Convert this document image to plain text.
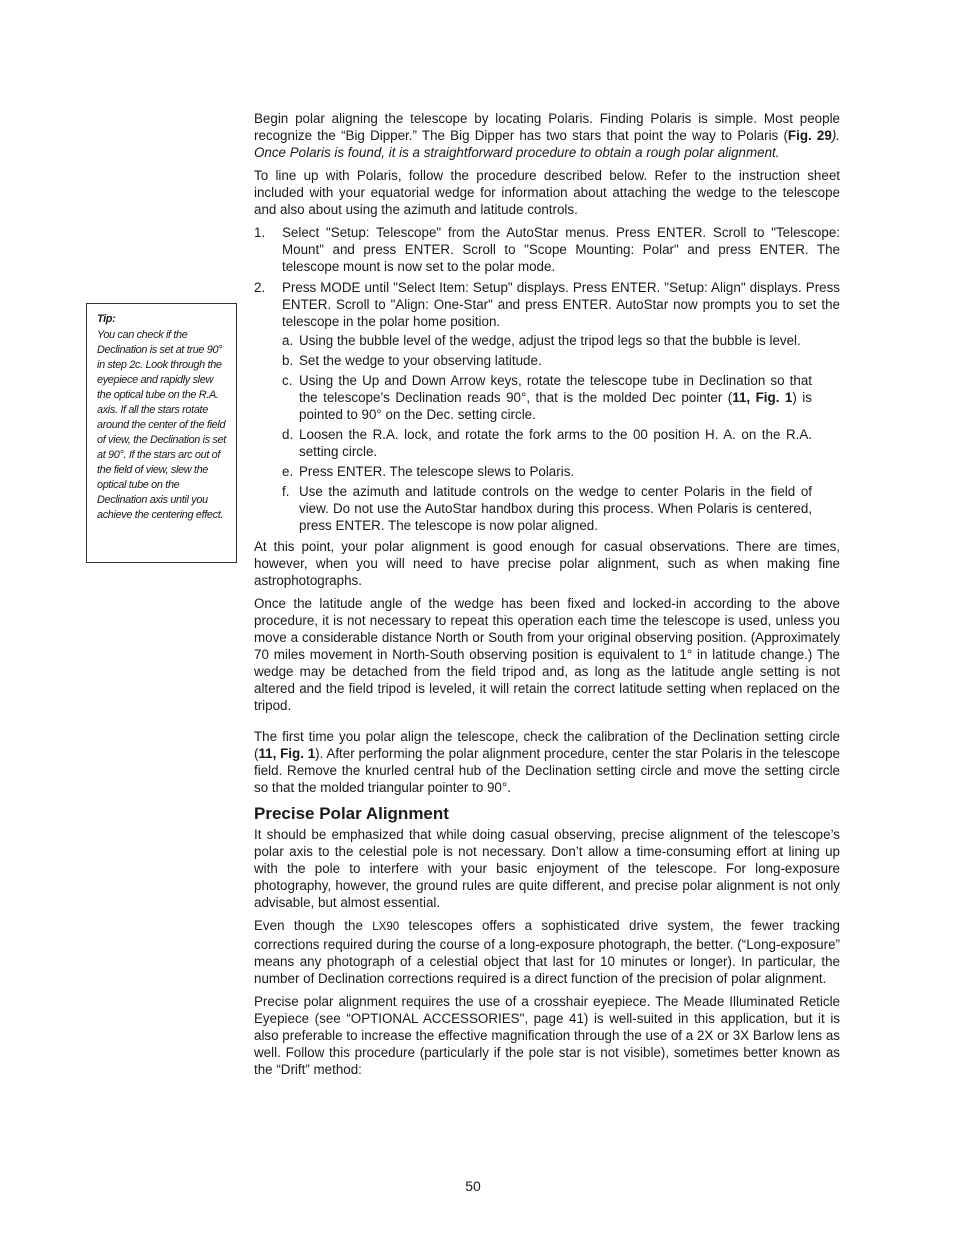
Tip:
You can check if the Declination is set at true 90° in step 2c. Look through the eyepiece and rapidly slew the optical tube on the R.A. axis. If all the stars rotate around the center of the field of view, the Declination is set at 90°. If the stars arc out of the field of view, slew the optical tube on the Declination axis until you achieve the centering effect.

Begin polar aligning the telescope by locating Polaris. Finding Polaris is simple. Most people recognize the “Big Dipper.” The Big Dipper has two stars that point the way to Polaris (Fig. 29). Once Polaris is found, it is a straightforward procedure to obtain a rough polar alignment.

To line up with Polaris, follow the procedure described below. Refer to the instruction sheet included with your equatorial wedge for information about attaching the wedge to the telescope and also about using the azimuth and latitude controls.

1. Select "Setup: Telescope" from the AutoStar menus. Press ENTER. Scroll to "Telescope: Mount" and press ENTER. Scroll to "Scope Mounting: Polar" and press ENTER. The telescope mount is now set to the polar mode.
2. Press MODE until "Select Item: Setup" displays. Press ENTER. "Setup: Align" displays. Press ENTER. Scroll to "Align: One-Star" and press ENTER. AutoStar now prompts you to set the telescope in the polar home position.
a. Using the bubble level of the wedge, adjust the tripod legs so that the bubble is level.
b. Set the wedge to your observing latitude.
c. Using the Up and Down Arrow keys, rotate the telescope tube in Declination so that the telescope’s Declination reads 90°, that is the molded Dec pointer (11, Fig. 1) is pointed to 90° on the Dec. setting circle.
d. Loosen the R.A. lock, and rotate the fork arms to the 00 position H. A. on the R.A. setting circle.
e. Press ENTER. The telescope slews to Polaris.
f. Use the azimuth and latitude controls on the wedge to center Polaris in the field of view. Do not use the AutoStar handbox during this process. When Polaris is centered, press ENTER. The telescope is now polar aligned.

At this point, your polar alignment is good enough for casual observations. There are times, however, when you will need to have precise polar alignment, such as when making fine astrophotographs.

Once the latitude angle of the wedge has been fixed and locked-in according to the above procedure, it is not necessary to repeat this operation each time the telescope is used, unless you move a considerable distance North or South from your original observing position. (Approximately 70 miles movement in North-South observing position is equivalent to 1° in latitude change.) The wedge may be detached from the field tripod and, as long as the latitude angle setting is not altered and the field tripod is leveled, it will retain the correct latitude setting when replaced on the tripod.

The first time you polar align the telescope, check the calibration of the Declination setting circle (11, Fig. 1). After performing the polar alignment procedure, center the star Polaris in the telescope field. Remove the knurled central hub of the Declination setting circle and move the setting circle so that the molded triangular pointer to 90°.

Precise Polar Alignment

It should be emphasized that while doing casual observing, precise alignment of the telescope’s polar axis to the celestial pole is not necessary. Don’t allow a time-consuming effort at lining up with the pole to interfere with your basic enjoyment of the telescope. For long-exposure photography, however, the ground rules are quite different, and precise polar alignment is not only advisable, but almost essential.

Even though the LX90 telescopes offers a sophisticated drive system, the fewer tracking corrections required during the course of a long-exposure photograph, the better. (“Long-exposure” means any photograph of a celestial object that last for 10 minutes or longer). In particular, the number of Declination corrections required is a direct function of the precision of polar alignment.

Precise polar alignment requires the use of a crosshair eyepiece. The Meade Illuminated Reticle Eyepiece (see “OPTIONAL ACCESSORIES", page 41) is well-suited in this application, but it is also preferable to increase the effective magnification through the use of a 2X or 3X Barlow lens as well. Follow this procedure (particularly if the pole star is not visible), sometimes better known as the “Drift” method:

50
